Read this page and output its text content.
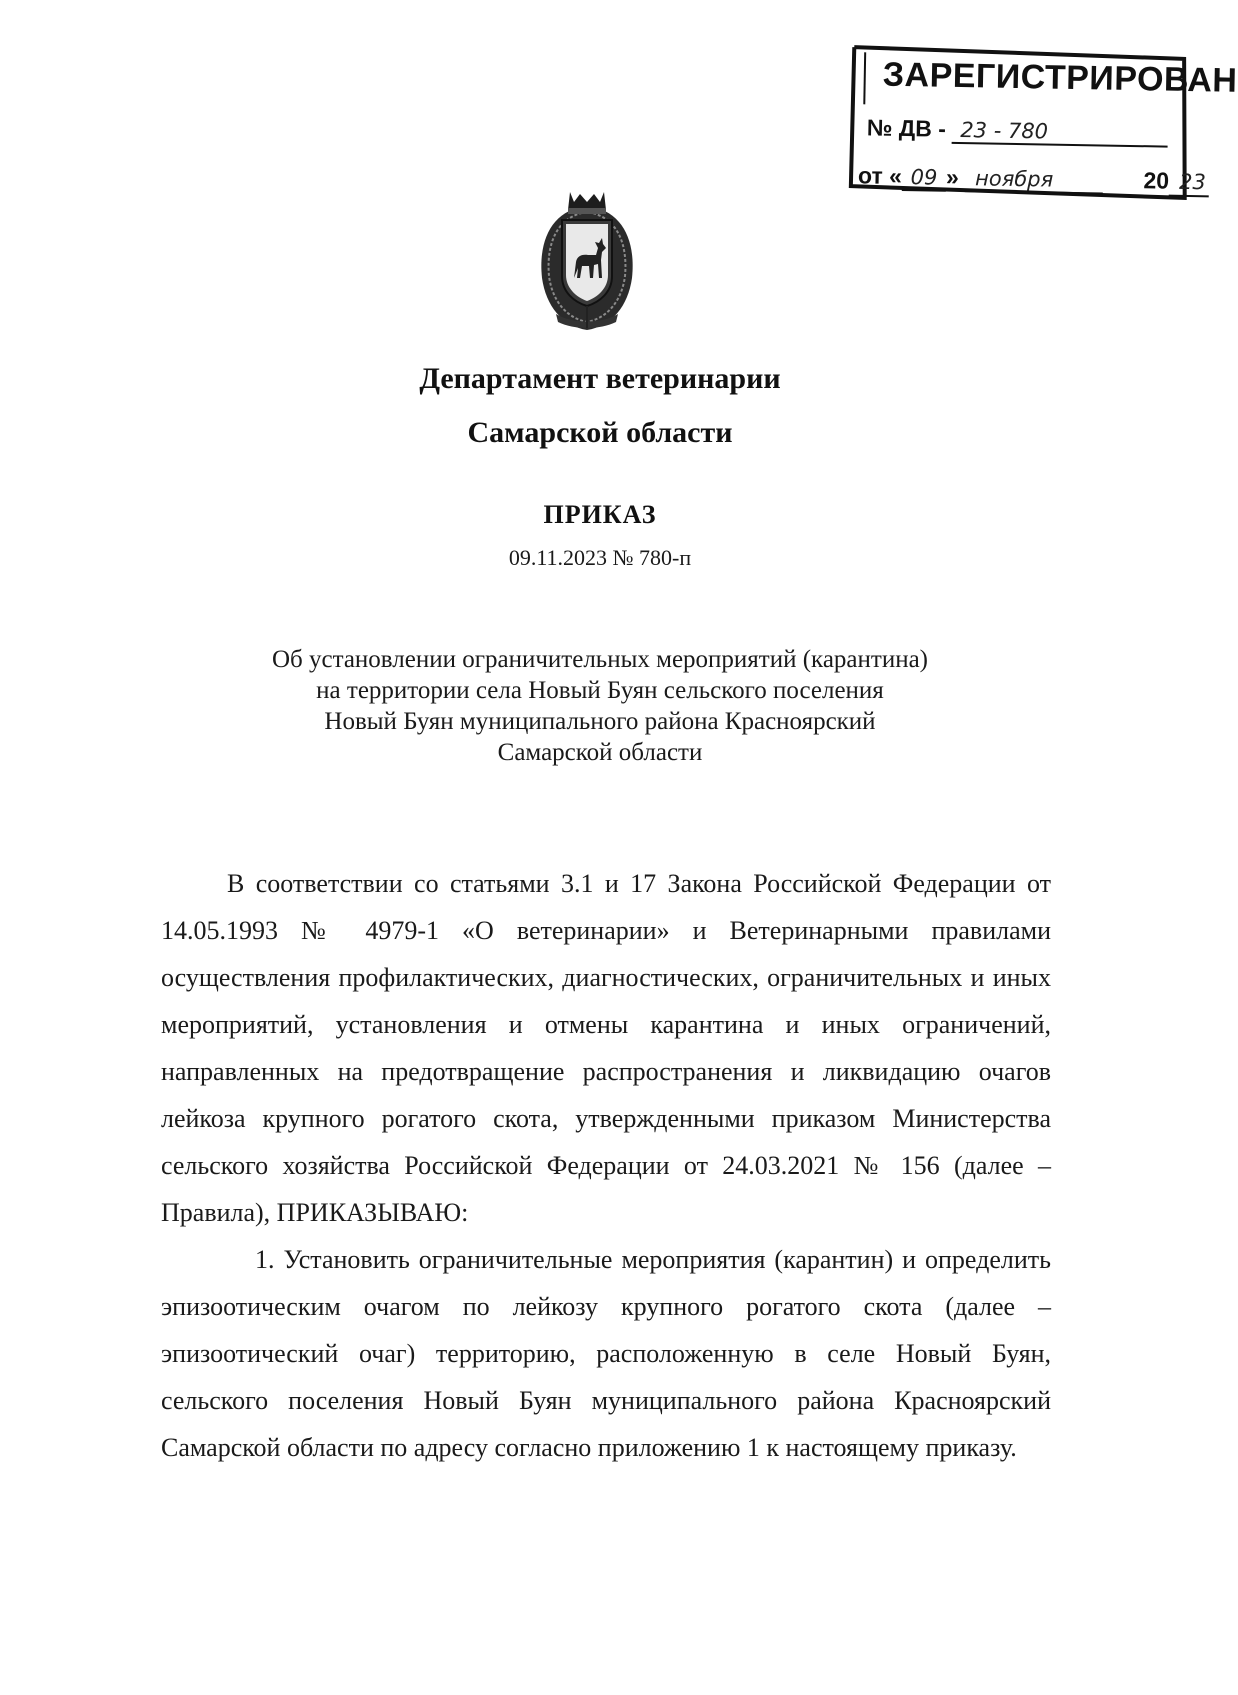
ЗАРЕГИСТРИРОВАН
№ ДВ - 23 - 780
от « 09 » ноября	20 23
Департамент ветеринарии
Самарской области
ПРИКАЗ
09.11.2023 № 780-п
Об установлении ограничительных мероприятий (карантина)
на территории села Новый Буян сельского поселения
Новый Буян муниципального района Красноярский
Самарской области

В соответствии со статьями 3.1 и 17 Закона Российской Федерации от 14.05.1993 № 4979-1 «О ветеринарии» и Ветеринарными правилами осуществления профилактических, диагностических, ограничительных и иных мероприятий, установления и отмены карантина и иных ограничений, направленных на предотвращение распространения и ликвидацию очагов лейкоза крупного рогатого скота, утвержденными приказом Министерства сельского хозяйства Российской Федерации от 24.03.2021 № 156 (далее – Правила), ПРИКАЗЫВАЮ:

1. Установить ограничительные мероприятия (карантин) и определить эпизоотическим очагом по лейкозу крупного рогатого скота (далее – эпизоотический очаг) территорию, расположенную в селе Новый Буян, сельского поселения Новый Буян муниципального района Красноярский Самарской области по адресу согласно приложению 1 к настоящему приказу.
